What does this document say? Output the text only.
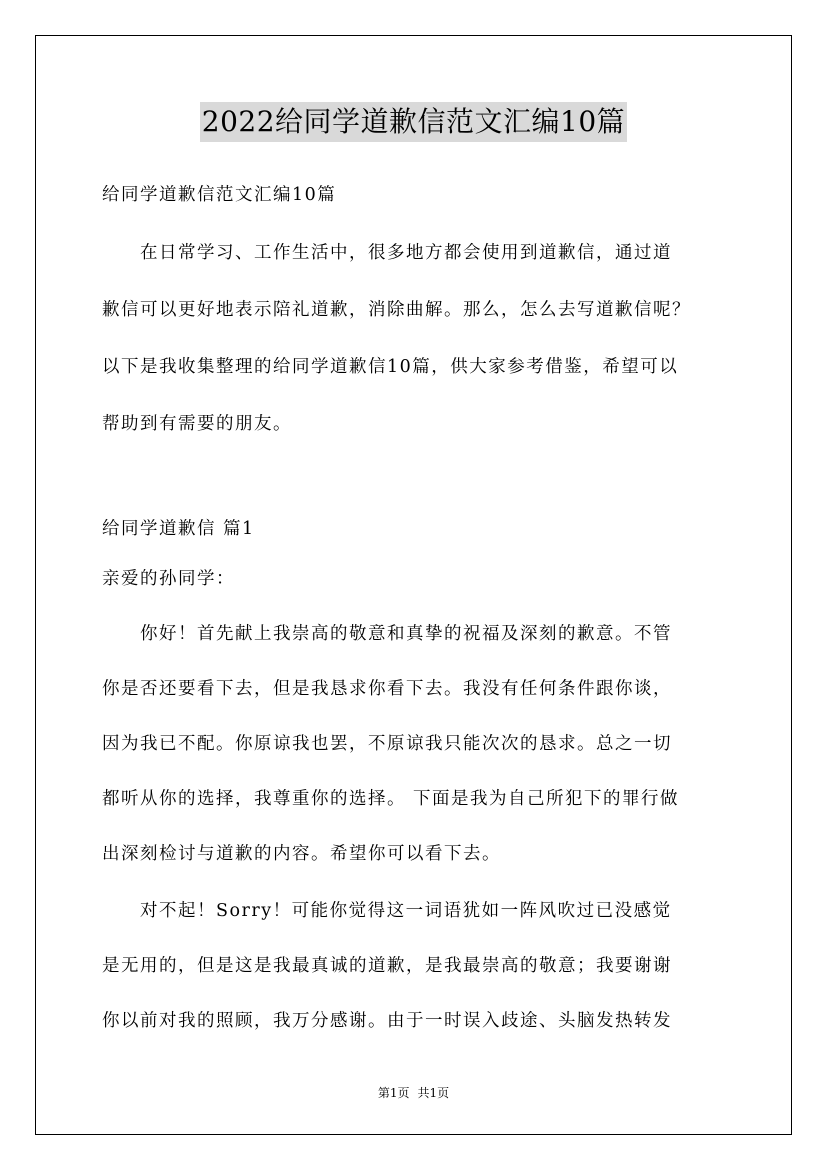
2022给同学道歉信范文汇编10篇
给同学道歉信范文汇编10篇
　　在日常学习、工作生活中，很多地方都会使用到道歉信，通过道
歉信可以更好地表示陪礼道歉，消除曲解。那么，怎么去写道歉信呢？
以下是我收集整理的给同学道歉信10篇，供大家参考借鉴，希望可以
帮助到有需要的朋友。
给同学道歉信 篇1
亲爱的孙同学：
　　你好！首先献上我崇高的敬意和真挚的祝福及深刻的歉意。不管
你是否还要看下去，但是我恳求你看下去。我没有任何条件跟你谈，
因为我已不配。你原谅我也罢，不原谅我只能次次的恳求。总之一切
都听从你的选择，我尊重你的选择。 下面是我为自己所犯下的罪行做
出深刻检讨与道歉的内容。希望你可以看下去。
　　对不起！Sorry！可能你觉得这一词语犹如一阵风吹过已没感觉
是无用的，但是这是我最真诚的道歉，是我最崇高的敬意；我要谢谢
你以前对我的照顾，我万分感谢。由于一时误入歧途、头脑发热转发
第1页 共1页
